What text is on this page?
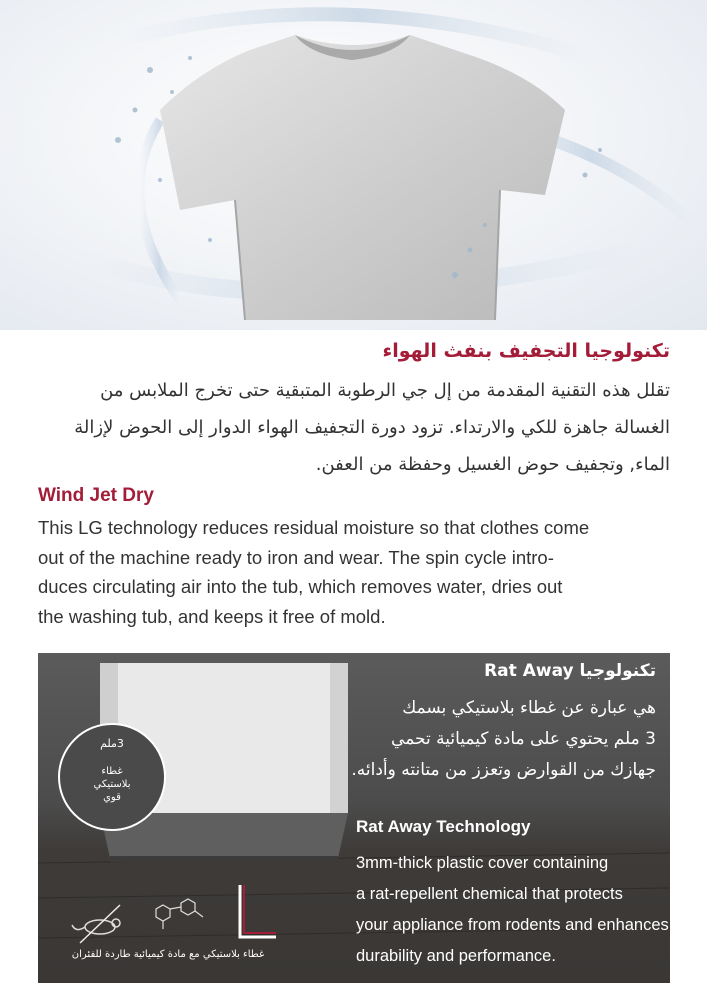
تكنولوجيا التجفيف بنفث الهواء
تقلل هذه التقنية المقدمة من إل جي الرطوبة المتبقية حتى تخرج الملابس من
الغسالة جاهزة للكي والارتداء. تزود دورة التجفيف الهواء الدوار إلى الحوض لإزالة
الماء, وتجفيف حوض الغسيل وحفظة من العفن.
Wind Jet Dry
This LG technology reduces residual moisture so that clothes come
out of the machine ready to iron and wear. The spin cycle intro-
duces circulating air into the tub, which removes water, dries out
the washing tub, and keeps it free of mold.
3ملم
غطاء
بلاستيكي
قوي
تكنولوجيا Rat Away
هي عبارة عن غطاء بلاستيكي بسمك
3 ملم يحتوي على مادة كيميائية تحمي
جهازك من القوارض وتعزز من متانته وأدائه.
Rat Away Technology
3mm-thick plastic cover containing
a rat-repellent chemical that protects
your appliance from rodents and enhances
durability and performance.
غطاء بلاستيكي مع مادة كيميائية طاردة للفئران
